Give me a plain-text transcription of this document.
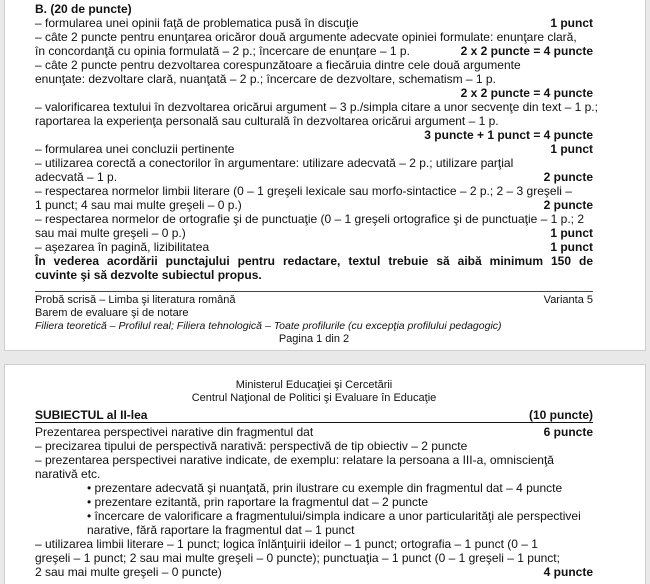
B. (20 de puncte)
– formularea unei opinii faţă de problematica pusă în discuţie	1 punct
– câte 2 puncte pentru enunţarea oricăror două argumente adecvate opiniei formulate: enunţare clară,
în concordanţă cu opinia formulată – 2 p.; încercare de enunţare – 1 p.	2 x 2 puncte = 4 puncte
– câte 2 puncte pentru dezvoltarea corespunzătoare a fiecăruia dintre cele două argumente
enunţate: dezvoltare clară, nuanţată – 2 p.; încercare de dezvoltare, schematism – 1 p.
2 x 2 puncte = 4 puncte
– valorificarea textului în dezvoltarea oricărui argument – 3 p./simpla citare a unor secvenţe din text – 1 p.;
raportarea la experienţa personală sau culturală în dezvoltarea oricărui argument – 1 p.
3 puncte + 1 punct = 4 puncte
– formularea unei concluzii pertinente	1 punct
– utilizarea corectă a conectorilor în argumentare: utilizare adecvată – 2 p.; utilizare parţial
adecvată – 1 p.	2 puncte
– respectarea normelor limbii literare (0 – 1 greşeli lexicale sau morfo-sintactice – 2 p.; 2 – 3 greşeli –
1 punct; 4 sau mai multe greşeli – 0 p.)	2 puncte
– respectarea normelor de ortografie şi de punctuaţie (0 – 1 greşeli ortografice şi de punctuaţie – 1 p.; 2
sau mai multe greşeli – 0 p.)	1 punct
– aşezarea în pagină, lizibilitatea	1 punct
În vederea acordării punctajului pentru redactare, textul trebuie să aibă minimum 150 de
cuvinte şi să dezvolte subiectul propus.
Probă scrisă – Limba şi literatura română	Varianta 5
Barem de evaluare şi de notare
Filiera teoretică – Profilul real; Filiera tehnologică – Toate profilurile (cu excepţia profilului pedagogic)
Pagina 1 din 2
Ministerul Educaţiei şi Cercetării
Centrul Naţional de Politici şi Evaluare în Educaţie
SUBIECTUL al II-lea	(10 puncte)
Prezentarea perspectivei narative din fragmentul dat	6 puncte
– precizarea tipului de perspectivă narativă: perspectivă de tip obiectiv – 2 puncte
– prezentarea perspectivei narative indicate, de exemplu: relatare la persoana a III-a, omniscienţă
narativă etc.
• prezentare adecvată şi nuanţată, prin ilustrare cu exemple din fragmentul dat – 4 puncte
• prezentare ezitantă, prin raportare la fragmentul dat – 2 puncte
• încercare de valorificare a fragmentului/simpla indicare a unor particularităţi ale perspectivei
narative, fără raportare la fragmentul dat – 1 punct
– utilizarea limbii literare – 1 punct; logica înlănţuirii ideilor – 1 punct; ortografia – 1 punct (0 – 1
greşeli – 1 punct; 2 sau mai multe greşeli – 0 puncte); punctuaţia – 1 punct (0 – 1 greşeli – 1 punct;
2 sau mai multe greşeli – 0 puncte)	4 puncte
